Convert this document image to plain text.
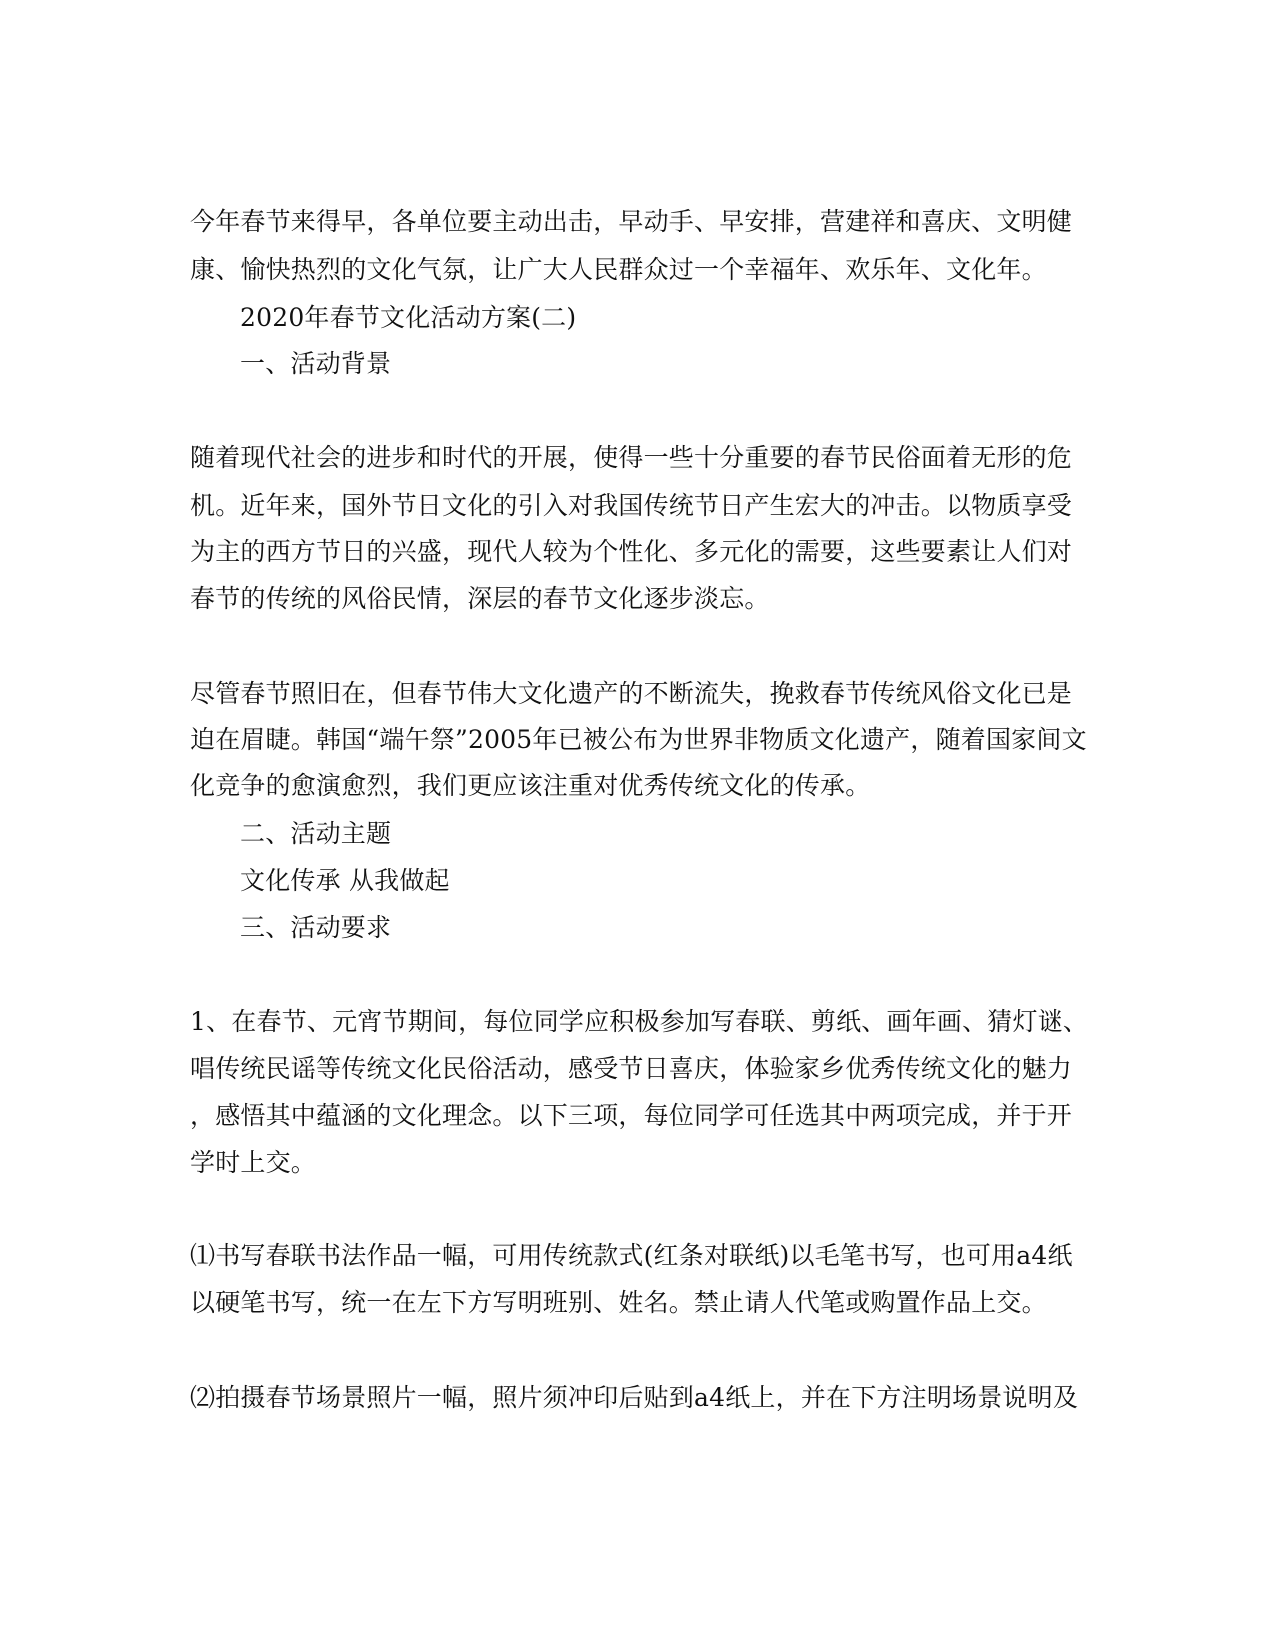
今年春节来得早，各单位要主动出击，早动手、早安排，营建祥和喜庆、文明健
康、愉快热烈的文化气氛，让广大人民群众过一个幸福年、欢乐年、文化年。
2020年春节文化活动方案(二)
一、活动背景
随着现代社会的进步和时代的开展，使得一些十分重要的春节民俗面着无形的危
机。近年来，国外节日文化的引入对我国传统节日产生宏大的冲击。以物质享受
为主的西方节日的兴盛，现代人较为个性化、多元化的需要，这些要素让人们对
春节的传统的风俗民情，深层的春节文化逐步淡忘。
尽管春节照旧在，但春节伟大文化遗产的不断流失，挽救春节传统风俗文化已是
迫在眉睫。韩国“端午祭”2005年已被公布为世界非物质文化遗产，随着国家间文
化竞争的愈演愈烈，我们更应该注重对优秀传统文化的传承。
二、活动主题
文化传承 从我做起
三、活动要求
1、在春节、元宵节期间，每位同学应积极参加写春联、剪纸、画年画、猜灯谜、
唱传统民谣等传统文化民俗活动，感受节日喜庆，体验家乡优秀传统文化的魅力
，感悟其中蕴涵的文化理念。以下三项，每位同学可任选其中两项完成，并于开
学时上交。
⑴书写春联书法作品一幅，可用传统款式(红条对联纸)以毛笔书写，也可用a4纸
以硬笔书写，统一在左下方写明班别、姓名。禁止请人代笔或购置作品上交。
⑵拍摄春节场景照片一幅，照片须冲印后贴到a4纸上，并在下方注明场景说明及
